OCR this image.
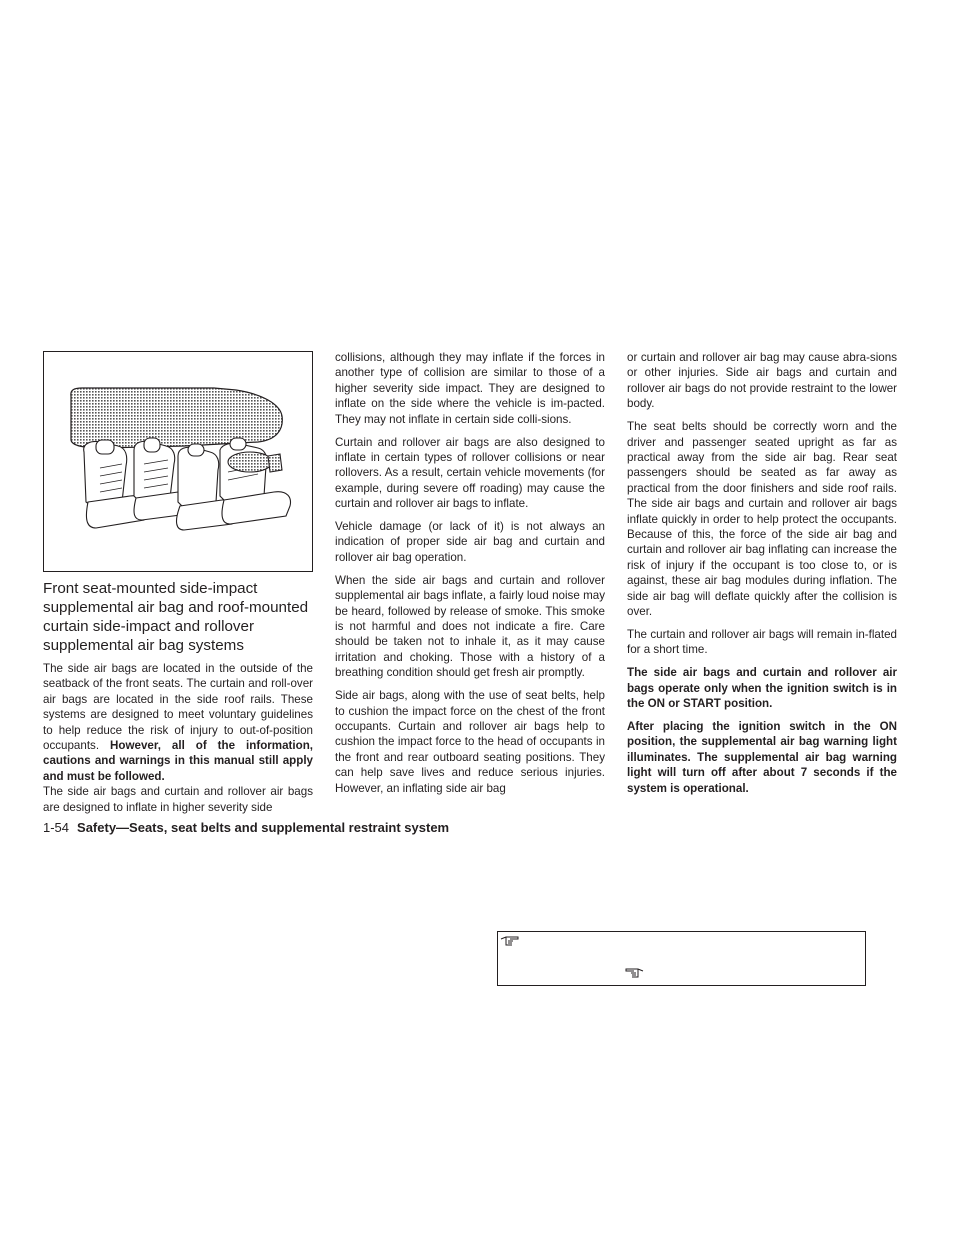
Front seat-mounted side-impact supplemental air bag and roof-mounted curtain side-impact and rollover supplemental air bag systems

The side air bags are located in the outside of the seatback of the front seats. The curtain and roll-over air bags are located in the side roof rails. These systems are designed to meet voluntary guidelines to help reduce the risk of injury to out-of-position occupants. However, all of the information, cautions and warnings in this manual still apply and must be followed.

The side air bags and curtain and rollover air bags are designed to inflate in higher severity side

collisions, although they may inflate if the forces in another type of collision are similar to those of a higher severity side impact. They are designed to inflate on the side where the vehicle is im-pacted. They may not inflate in certain side colli-sions.

Curtain and rollover air bags are also designed to inflate in certain types of rollover collisions or near rollovers. As a result, certain vehicle movements (for example, during severe off roading) may cause the curtain and rollover air bags to inflate.

Vehicle damage (or lack of it) is not always an indication of proper side air bag and curtain and rollover air bag operation.

When the side air bags and curtain and rollover supplemental air bags inflate, a fairly loud noise may be heard, followed by release of smoke. This smoke is not harmful and does not indicate a fire. Care should be taken not to inhale it, as it may cause irritation and choking. Those with a history of a breathing condition should get fresh air promptly.

Side air bags, along with the use of seat belts, help to cushion the impact force on the chest of the front occupants. Curtain and rollover air bags help to cushion the impact force to the head of occupants in the front and rear outboard seating positions. They can help save lives and reduce serious injuries. However, an inflating side air bag

or curtain and rollover air bag may cause abra-sions or other injuries. Side air bags and curtain and rollover air bags do not provide restraint to the lower body.

The seat belts should be correctly worn and the driver and passenger seated upright as far as practical away from the side air bag. Rear seat passengers should be seated as far away as practical from the door finishers and side roof rails. The side air bags and curtain and rollover air bags inflate quickly in order to help protect the occupants. Because of this, the force of the side air bag and curtain and rollover air bag inflating can increase the risk of injury if the occupant is too close to, or is against, these air bag modules during inflation. The side air bag will deflate quickly after the collision is over.

The curtain and rollover air bags will remain in-flated for a short time.

The side air bags and curtain and rollover air bags operate only when the ignition switch is in the ON or START position.

After placing the ignition switch in the ON position, the supplemental air bag warning light illuminates. The supplemental air bag warning light will turn off after about 7 seconds if the system is operational.

1-54 Safety—Seats, seat belts and supplemental restraint system
